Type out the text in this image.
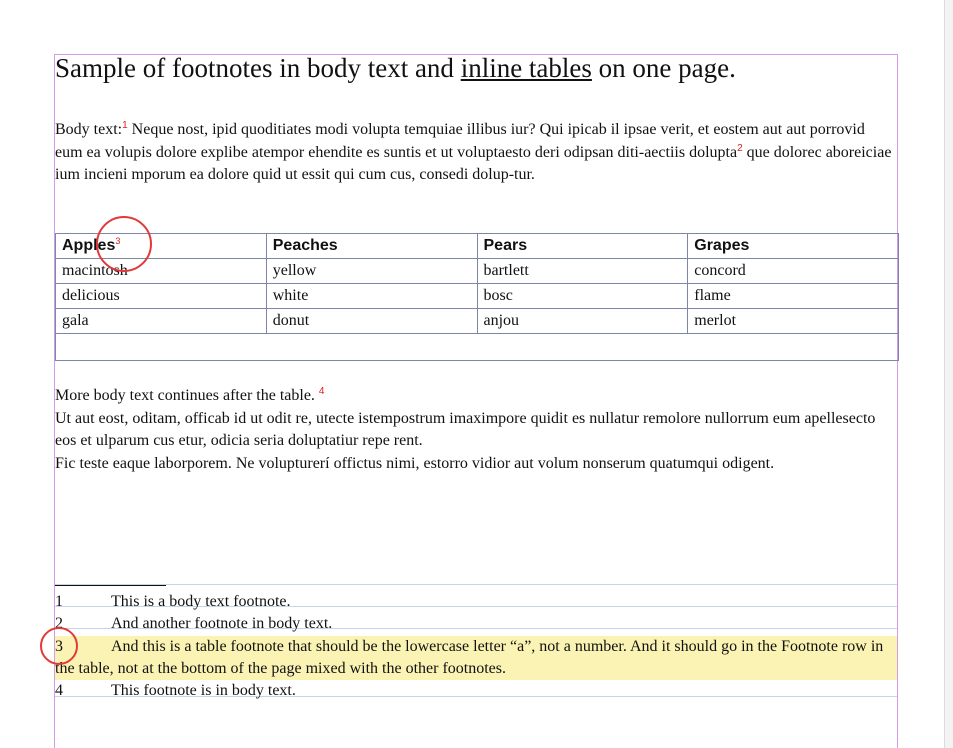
Sample of footnotes in body text and inline tables on one page.
Body text:$^1$ Neque nost, ipid quoditiates modi volupta temquiae illibus iur? Qui ipicab il ipsae verit, et eostem aut aut porrovid eum ea volupis dolore explibe atempor ehendite es suntis et ut voluptaesto deri odipsan diti-aectiis dolupta$^2$ que dolorec aboreiciae ium incieni mporum ea dolore quid ut essit qui cum cus, consedi dolup-tur.
Apples$^3$	Peaches	Pears	Grapes
macintosh	yellow	bartlett	concord
delicious	white	bosc	flame
gala	donut	anjou	merlot

More body text continues after the table. $^4$
Ut aut eost, oditam, officab id ut odit re, utecte istempostrum imaximpore quidit es nullatur remolore nullorrum eum apellesecto eos et ulparum cus etur, odicia seria doluptatiur repe rent.
Fic teste eaque laborporem. Ne volupturerí offictus nimi, estorro vidior aut volum nonserum quatumqui odigent.
1	This is a body text footnote.
2	And another footnote in body text.
3	And this is a table footnote that should be the lowercase letter “a”, not a number. And it should go in the Footnote row in the table, not at the bottom of the page mixed with the other footnotes.
4	This footnote is in body text.
